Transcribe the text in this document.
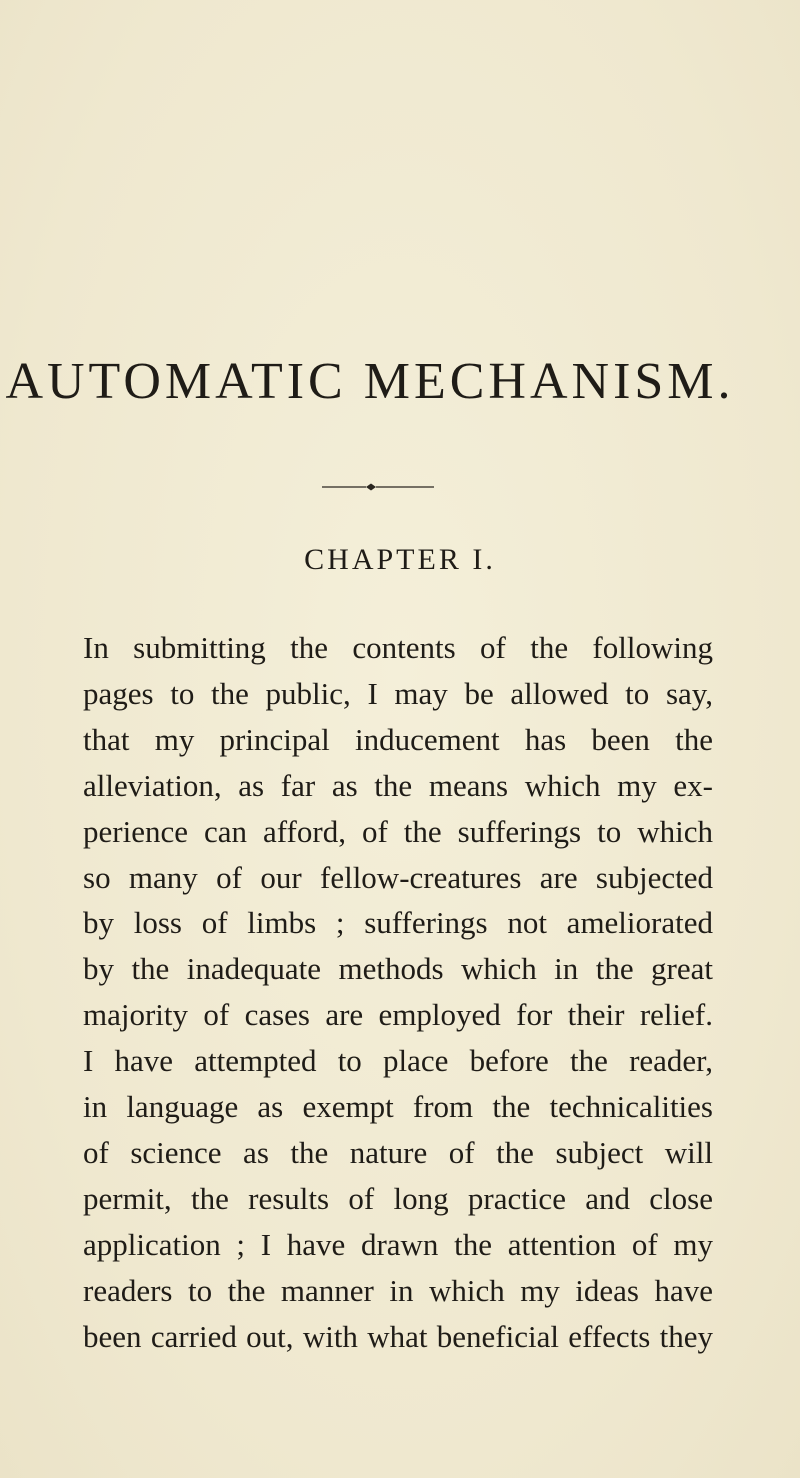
AUTOMATIC MECHANISM.
CHAPTER I.
In submitting the contents of the following
pages to the public, I may be allowed to say,
that my principal inducement has been the
alleviation, as far as the means which my ex-
perience can afford, of the sufferings to which
so many of our fellow-creatures are subjected
by loss of limbs ; sufferings not ameliorated
by the inadequate methods which in the great
majority of cases are employed for their relief.
I have attempted to place before the reader,
in language as exempt from the technicalities
of science as the nature of the subject will
permit, the results of long practice and close
application ; I have drawn the attention of my
readers to the manner in which my ideas have
been carried out, with what beneficial effects they
